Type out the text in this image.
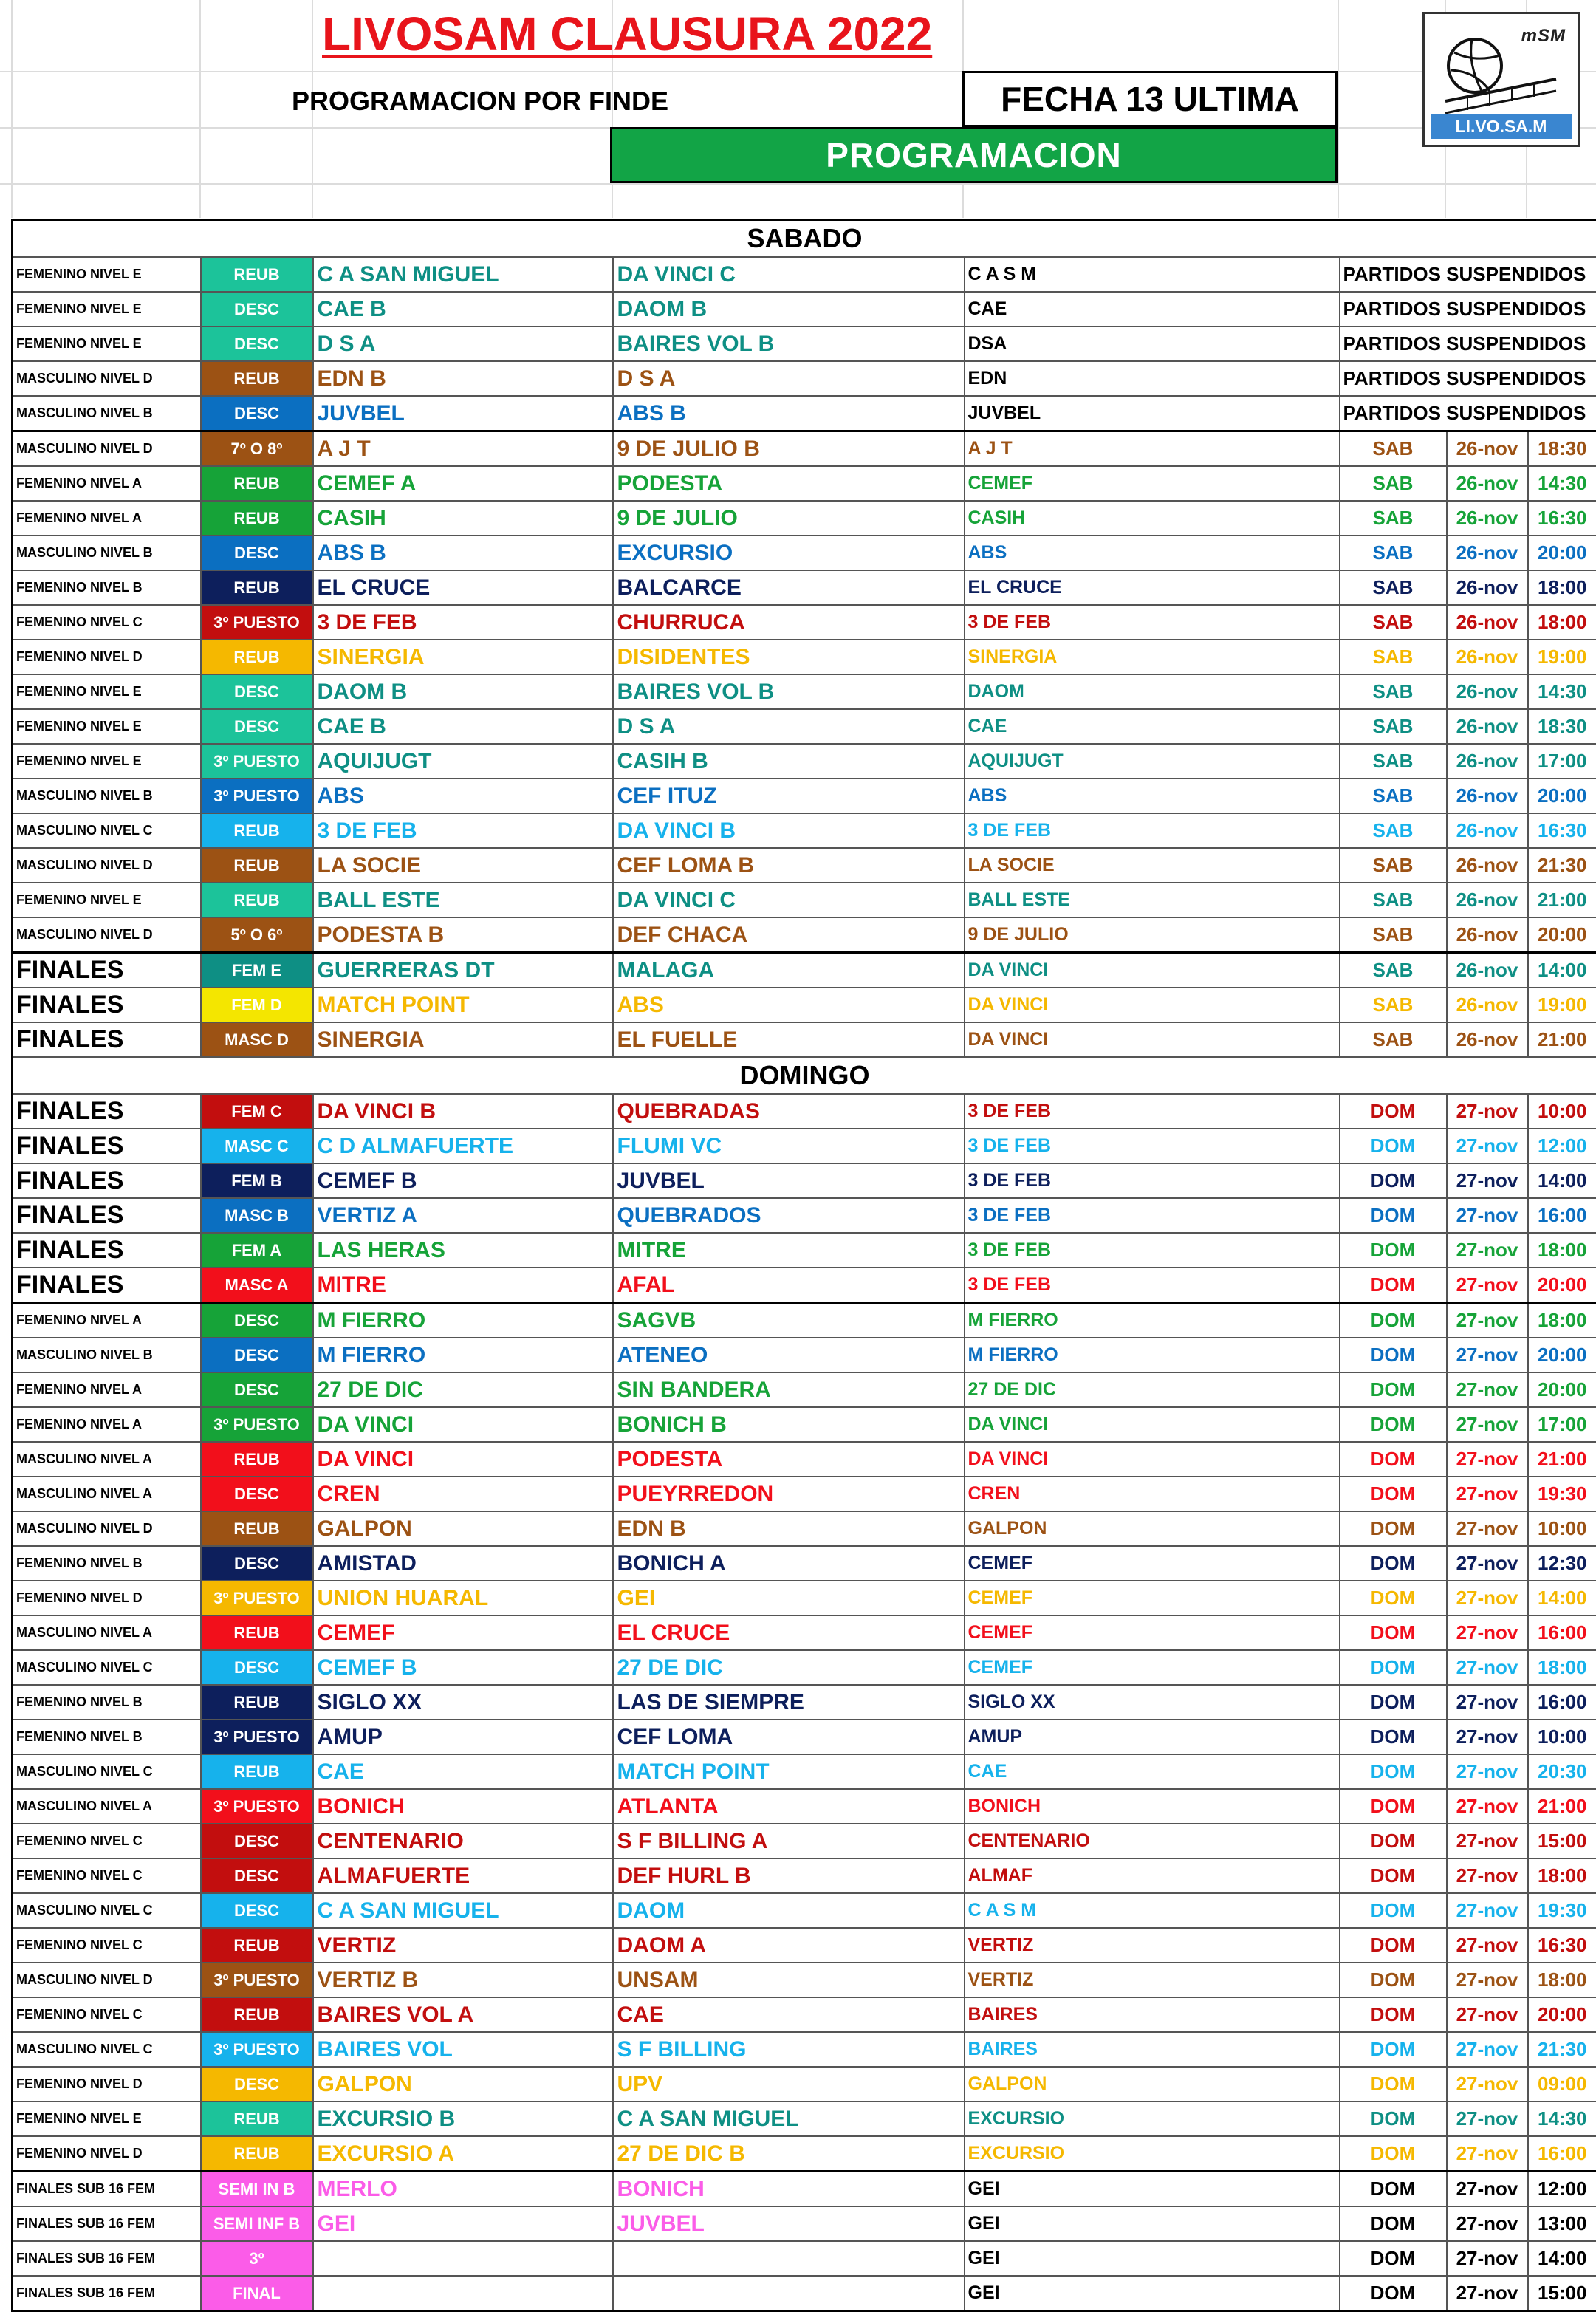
LIVOSAM CLAUSURA 2022
PROGRAMACION POR FINDE	FECHA 13 ULTIMA
PROGRAMACION
mSM
LI.VO.SA.M
SABADO							
FEMENINO NIVEL E	REUB	C A SAN MIGUEL	DA VINCI C	C A S M	PARTIDOS SUSPENDIDOS		
FEMENINO NIVEL E	DESC	CAE B	DAOM B	CAE	PARTIDOS SUSPENDIDOS		
FEMENINO NIVEL E	DESC	D S A	BAIRES VOL B	DSA	PARTIDOS SUSPENDIDOS		
MASCULINO NIVEL D	REUB	EDN B	D S A	EDN	PARTIDOS SUSPENDIDOS		
MASCULINO NIVEL B	DESC	JUVBEL	ABS B	JUVBEL	PARTIDOS SUSPENDIDOS		
MASCULINO NIVEL D	7º O 8º	A J T	9 DE JULIO B	A J T	SAB	26-nov	18:30
FEMENINO NIVEL A	REUB	CEMEF A	PODESTA	CEMEF	SAB	26-nov	14:30
FEMENINO NIVEL A	REUB	CASIH	9 DE JULIO	CASIH	SAB	26-nov	16:30
MASCULINO NIVEL B	DESC	ABS B	EXCURSIO	ABS	SAB	26-nov	20:00
FEMENINO NIVEL B	REUB	EL CRUCE	BALCARCE	EL CRUCE	SAB	26-nov	18:00
FEMENINO NIVEL C	3º PUESTO	3 DE FEB	CHURRUCA	3 DE FEB	SAB	26-nov	18:00
FEMENINO NIVEL D	REUB	SINERGIA	DISIDENTES	SINERGIA	SAB	26-nov	19:00
FEMENINO NIVEL E	DESC	DAOM B	BAIRES VOL B	DAOM	SAB	26-nov	14:30
FEMENINO NIVEL E	DESC	CAE B	D S A	CAE	SAB	26-nov	18:30
FEMENINO NIVEL E	3º PUESTO	AQUIJUGT	CASIH B	AQUIJUGT	SAB	26-nov	17:00
MASCULINO NIVEL B	3º PUESTO	ABS	CEF ITUZ	ABS	SAB	26-nov	20:00
MASCULINO NIVEL C	REUB	3 DE FEB	DA VINCI B	3 DE FEB	SAB	26-nov	16:30
MASCULINO NIVEL D	REUB	LA SOCIE	CEF LOMA B	LA SOCIE	SAB	26-nov	21:30
FEMENINO NIVEL E	REUB	BALL ESTE	DA VINCI C	BALL ESTE	SAB	26-nov	21:00
MASCULINO NIVEL D	5º O 6º	PODESTA B	DEF CHACA	9 DE JULIO	SAB	26-nov	20:00
FINALES	FEM E	GUERRERAS DT	MALAGA	DA VINCI	SAB	26-nov	14:00
FINALES	FEM D	MATCH POINT	ABS	DA VINCI	SAB	26-nov	19:00
FINALES	MASC D	SINERGIA	EL FUELLE	DA VINCI	SAB	26-nov	21:00
DOMINGO							
FINALES	FEM C	DA VINCI B	QUEBRADAS	3 DE FEB	DOM	27-nov	10:00
FINALES	MASC C	C D ALMAFUERTE	FLUMI VC	3 DE FEB	DOM	27-nov	12:00
FINALES	FEM B	CEMEF B	JUVBEL	3 DE FEB	DOM	27-nov	14:00
FINALES	MASC B	VERTIZ A	QUEBRADOS	3 DE FEB	DOM	27-nov	16:00
FINALES	FEM A	LAS HERAS	MITRE	3 DE FEB	DOM	27-nov	18:00
FINALES	MASC A	MITRE	AFAL	3 DE FEB	DOM	27-nov	20:00
FEMENINO NIVEL A	DESC	M FIERRO	SAGVB	M FIERRO	DOM	27-nov	18:00
MASCULINO NIVEL B	DESC	M FIERRO	ATENEO	M FIERRO	DOM	27-nov	20:00
FEMENINO NIVEL A	DESC	27 DE DIC	SIN BANDERA	27 DE DIC	DOM	27-nov	20:00
FEMENINO NIVEL A	3º PUESTO	DA VINCI	BONICH B	DA VINCI	DOM	27-nov	17:00
MASCULINO NIVEL A	REUB	DA VINCI	PODESTA	DA VINCI	DOM	27-nov	21:00
MASCULINO NIVEL A	DESC	CREN	PUEYRREDON	CREN	DOM	27-nov	19:30
MASCULINO NIVEL D	REUB	GALPON	EDN B	GALPON	DOM	27-nov	10:00
FEMENINO NIVEL B	DESC	AMISTAD	BONICH A	CEMEF	DOM	27-nov	12:30
FEMENINO NIVEL D	3º PUESTO	UNION HUARAL	GEI	CEMEF	DOM	27-nov	14:00
MASCULINO NIVEL A	REUB	CEMEF	EL CRUCE	CEMEF	DOM	27-nov	16:00
MASCULINO NIVEL C	DESC	CEMEF B	27 DE DIC	CEMEF	DOM	27-nov	18:00
FEMENINO NIVEL B	REUB	SIGLO XX	LAS DE SIEMPRE	SIGLO XX	DOM	27-nov	16:00
FEMENINO NIVEL B	3º PUESTO	AMUP	CEF LOMA	AMUP	DOM	27-nov	10:00
MASCULINO NIVEL C	REUB	CAE	MATCH POINT	CAE	DOM	27-nov	20:30
MASCULINO NIVEL A	3º PUESTO	BONICH	ATLANTA	BONICH	DOM	27-nov	21:00
FEMENINO NIVEL C	DESC	CENTENARIO	S F BILLING A	CENTENARIO	DOM	27-nov	15:00
FEMENINO NIVEL C	DESC	ALMAFUERTE	DEF HURL B	ALMAF	DOM	27-nov	18:00
MASCULINO NIVEL C	DESC	C A SAN MIGUEL	DAOM	C A S M	DOM	27-nov	19:30
FEMENINO NIVEL C	REUB	VERTIZ	DAOM A	VERTIZ	DOM	27-nov	16:30
MASCULINO NIVEL D	3º PUESTO	VERTIZ B	UNSAM	VERTIZ	DOM	27-nov	18:00
FEMENINO NIVEL C	REUB	BAIRES VOL A	CAE	BAIRES	DOM	27-nov	20:00
MASCULINO NIVEL C	3º PUESTO	BAIRES VOL	S F BILLING	BAIRES	DOM	27-nov	21:30
FEMENINO NIVEL D	DESC	GALPON	UPV	GALPON	DOM	27-nov	09:00
FEMENINO NIVEL E	REUB	EXCURSIO B	C A SAN MIGUEL	EXCURSIO	DOM	27-nov	14:30
FEMENINO NIVEL D	REUB	EXCURSIO A	27 DE DIC B	EXCURSIO	DOM	27-nov	16:00
FINALES SUB 16 FEM	SEMI IN B	MERLO	BONICH	GEI	DOM	27-nov	12:00
FINALES SUB 16 FEM	SEMI INF B	GEI	JUVBEL	GEI	DOM	27-nov	13:00
FINALES SUB 16 FEM	3º			GEI	DOM	27-nov	14:00
FINALES SUB 16 FEM	FINAL			GEI	DOM	27-nov	15:00
